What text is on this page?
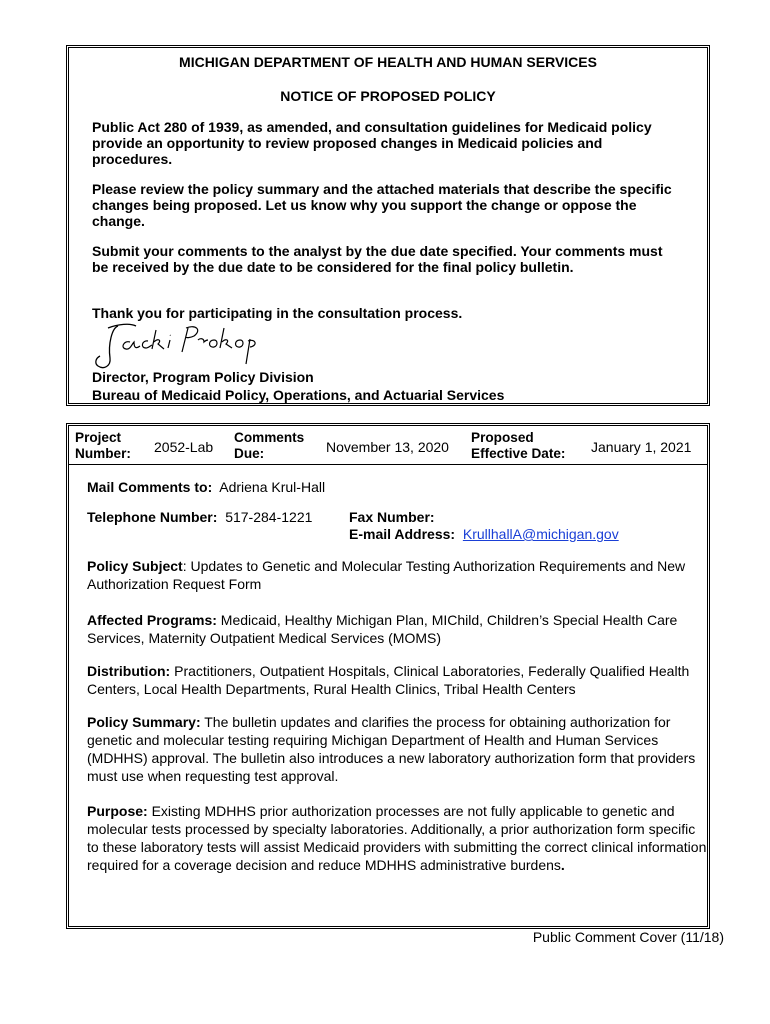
MICHIGAN DEPARTMENT OF HEALTH AND HUMAN SERVICES
NOTICE OF PROPOSED POLICY

Public Act 280 of 1939, as amended, and consultation guidelines for Medicaid policy provide an opportunity to review proposed changes in Medicaid policies and procedures.

Please review the policy summary and the attached materials that describe the specific changes being proposed. Let us know why you support the change or oppose the change.

Submit your comments to the analyst by the due date specified. Your comments must be received by the due date to be considered for the final policy bulletin.

Thank you for participating in the consultation process.

Director, Program Policy Division

Bureau of Medicaid Policy, Operations, and Actuarial Services

Project
Number: 2052-Lab
Comments
Due:	November 13, 2020
Proposed
Effective Date: January 1, 2021
Mail Comments to: Adriena Krul-Hall
Telephone Number: 517-284-1221	Fax Number:
E-mail Address: KrullhallA@michigan.gov

Policy Subject: Updates to Genetic and Molecular Testing Authorization Requirements and New Authorization Request Form

Affected Programs: Medicaid, Healthy Michigan Plan, MIChild, Children’s Special Health Care Services, Maternity Outpatient Medical Services (MOMS)

Distribution: Practitioners, Outpatient Hospitals, Clinical Laboratories, Federally Qualified Health Centers, Local Health Departments, Rural Health Clinics, Tribal Health Centers

Policy Summary: The bulletin updates and clarifies the process for obtaining authorization for genetic and molecular testing requiring Michigan Department of Health and Human Services (MDHHS) approval. The bulletin also introduces a new laboratory authorization form that providers must use when requesting test approval.

Purpose: Existing MDHHS prior authorization processes are not fully applicable to genetic and molecular tests processed by specialty laboratories. Additionally, a prior authorization form specific to these laboratory tests will assist Medicaid providers with submitting the correct clinical information required for a coverage decision and reduce MDHHS administrative burdens.

Public Comment Cover (11/18)
